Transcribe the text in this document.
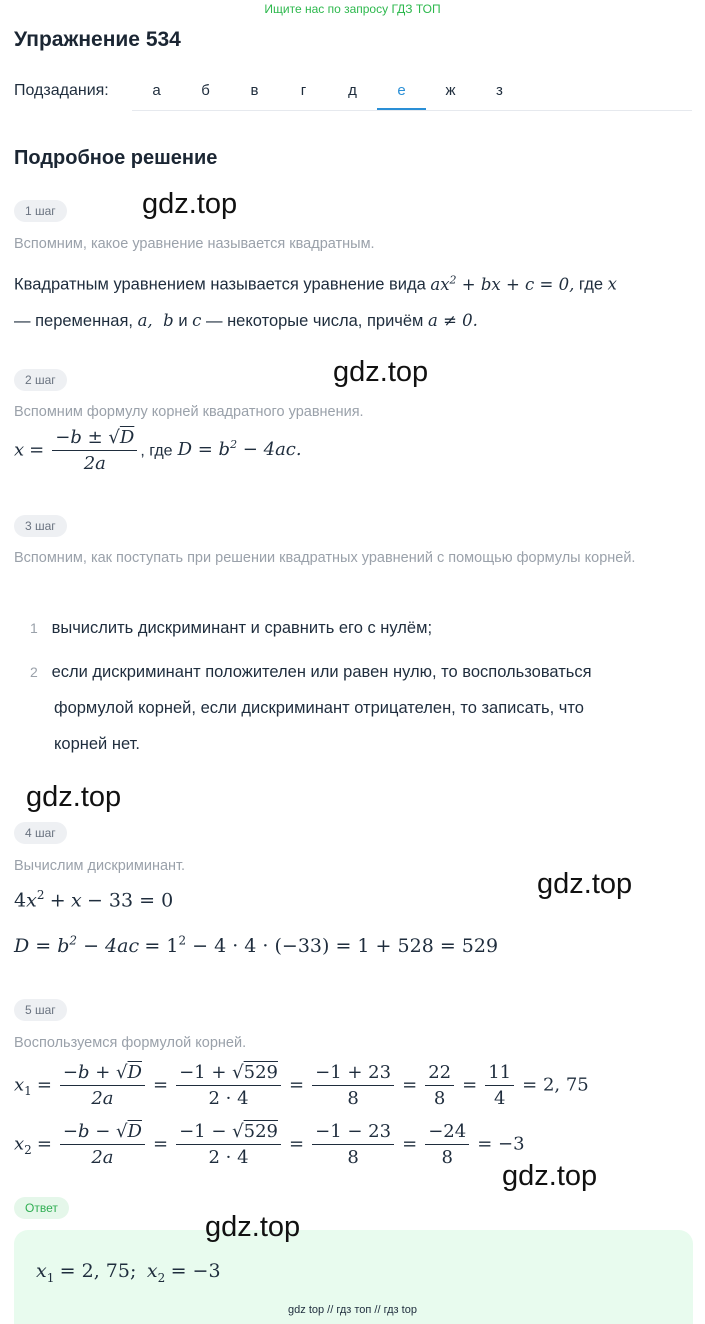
Ищите нас по запросу ГДЗ ТОП
Упражнение 534
Подзадания:	а	б	в	г	д	е	ж	з
Подробное решение
1 шаг	gdz.top
Вспомним, какое уравнение называется квадратным.
Квадратным уравнением называется уравнение вида $ax^2$ + bx + c = 0, где x
— переменная, a,  b и c — некоторые числа, причём a ≠ 0.
2 шаг	gdz.top
Вспомним формулу корней квадратного уравнения.
$x = \frac{-b \pm √D}{2a}$ , где $D = b^2 - 4ac$.
3 шаг
Вспомним, как поступать при решении квадратных уравнений с помощью формулы корней.
1 вычислить дискриминант и сравнить его с нулём;
2 если дискриминант положителен или равен нулю, то воспользоваться
формулой корней, если дискриминант отрицателен, то записать, что
корней нет.
gdz.top
4 шаг
Вычислим дискриминант.
gdz.top
$4x^2 + x - 33 = 0$
$D = b^2 - 4ac = 1^2 - 4 \cdot 4 \cdot (-33) = 1 + 528 = 529$
5 шаг
Воспользуемся формулой корней.
$x_1 = \frac{-b + √D}{2a} = \frac{-1 + √529}{2 \cdot 4} = \frac{-1 + 23}{8} = \frac{22}{8} = \frac{11}{4} = 2$, 75
$x_2 = \frac{-b - √D}{2a} = \frac{-1 - √529}{2 \cdot 4} = \frac{-1 - 23}{8} = \frac{-24}{8} = -3$
gdz.top
Ответ
gdz.top
$x_1 = 2$, 75; $x_2 = -3$
gdz top // гдз топ // гдз top
